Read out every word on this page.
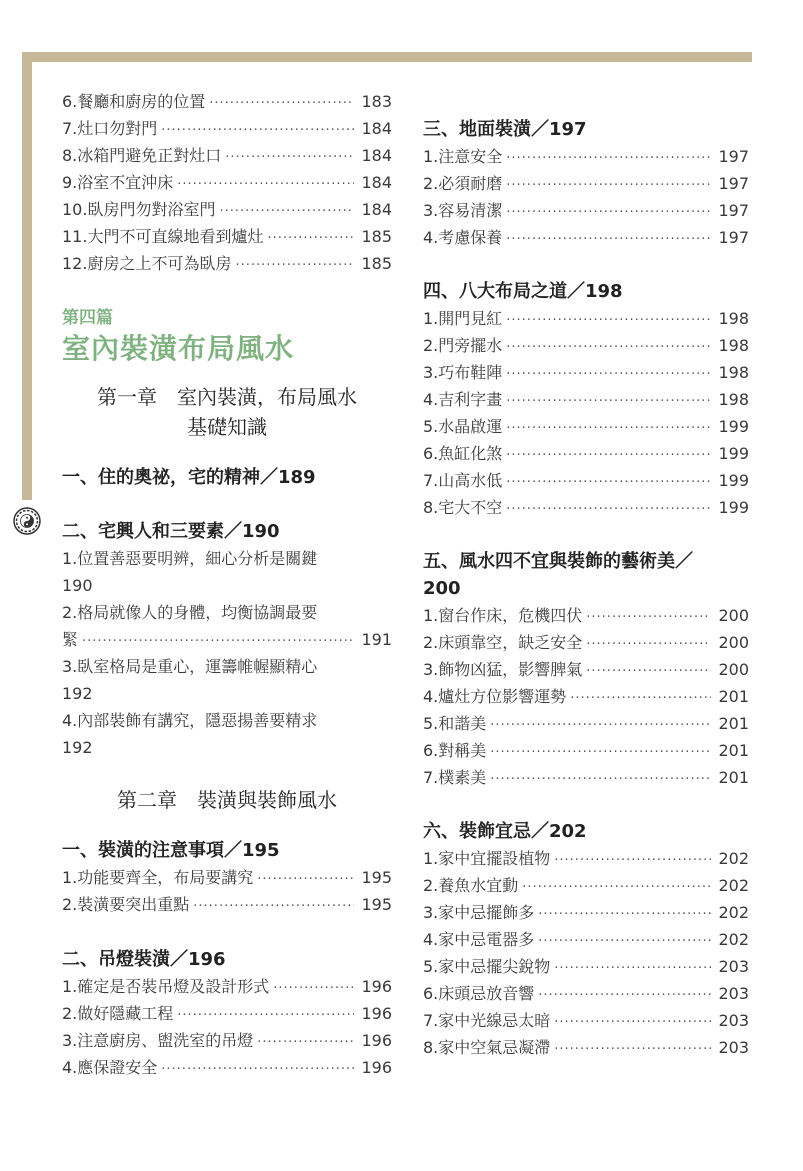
6.餐廳和廚房的位置 ·····	183
7.灶口勿對門 ·····	184
8.冰箱門避免正對灶口 ·····	184
9.浴室不宜沖床 ·····	184
10.臥房門勿對浴室門 ·····	184
11.大門不可直線地看到爐灶 ·····	185
12.廚房之上不可為臥房 ·····	185
第四篇
室內裝潢布局風水
第一章　室內裝潢，布局風水
基礎知識
一、住的奧祕，宅的精神／189
二、宅興人和三要素／190
1.位置善惡要明辨，細心分析是關鍵
190
2.格局就像人的身體，均衡協調最要
緊 ·····	191
3.臥室格局是重心，運籌帷幄顯精心
192
4.內部裝飾有講究，隱惡揚善要精求
192
第二章　裝潢與裝飾風水
一、裝潢的注意事項／195
1.功能要齊全，布局要講究 ·····	195
2.裝潢要突出重點 ·····	195
二、吊燈裝潢／196
1.確定是否裝吊燈及設計形式 ·····	196
2.做好隱藏工程 ·····	196
3.注意廚房、盥洗室的吊燈 ·····	196
4.應保證安全 ·····	196
三、地面裝潢／197
1.注意安全 ·····	197
2.必須耐磨 ·····	197
3.容易清潔 ·····	197
4.考慮保養 ·····	197
四、八大布局之道／198
1.開門見紅 ·····	198
2.門旁擺水 ·····	198
3.巧布鞋陣 ·····	198
4.吉利字畫 ·····	198
5.水晶啟運 ·····	199
6.魚缸化煞 ·····	199
7.山高水低 ·····	199
8.宅大不空 ·····	199
五、風水四不宜與裝飾的藝術美／
200
1.窗台作床，危機四伏 ·····	200
2.床頭靠空，缺乏安全 ·····	200
3.飾物凶猛，影響脾氣 ·····	200
4.爐灶方位影響運勢 ·····	201
5.和諧美 ·····	201
6.對稱美 ·····	201
7.樸素美 ·····	201
六、裝飾宜忌／202
1.家中宜擺設植物 ·····	202
2.養魚水宜動 ·····	202
3.家中忌擺飾多 ·····	202
4.家中忌電器多 ·····	202
5.家中忌擺尖銳物 ·····	203
6.床頭忌放音響 ·····	203
7.家中光線忌太暗 ·····	203
8.家中空氣忌凝滯 ·····	203
